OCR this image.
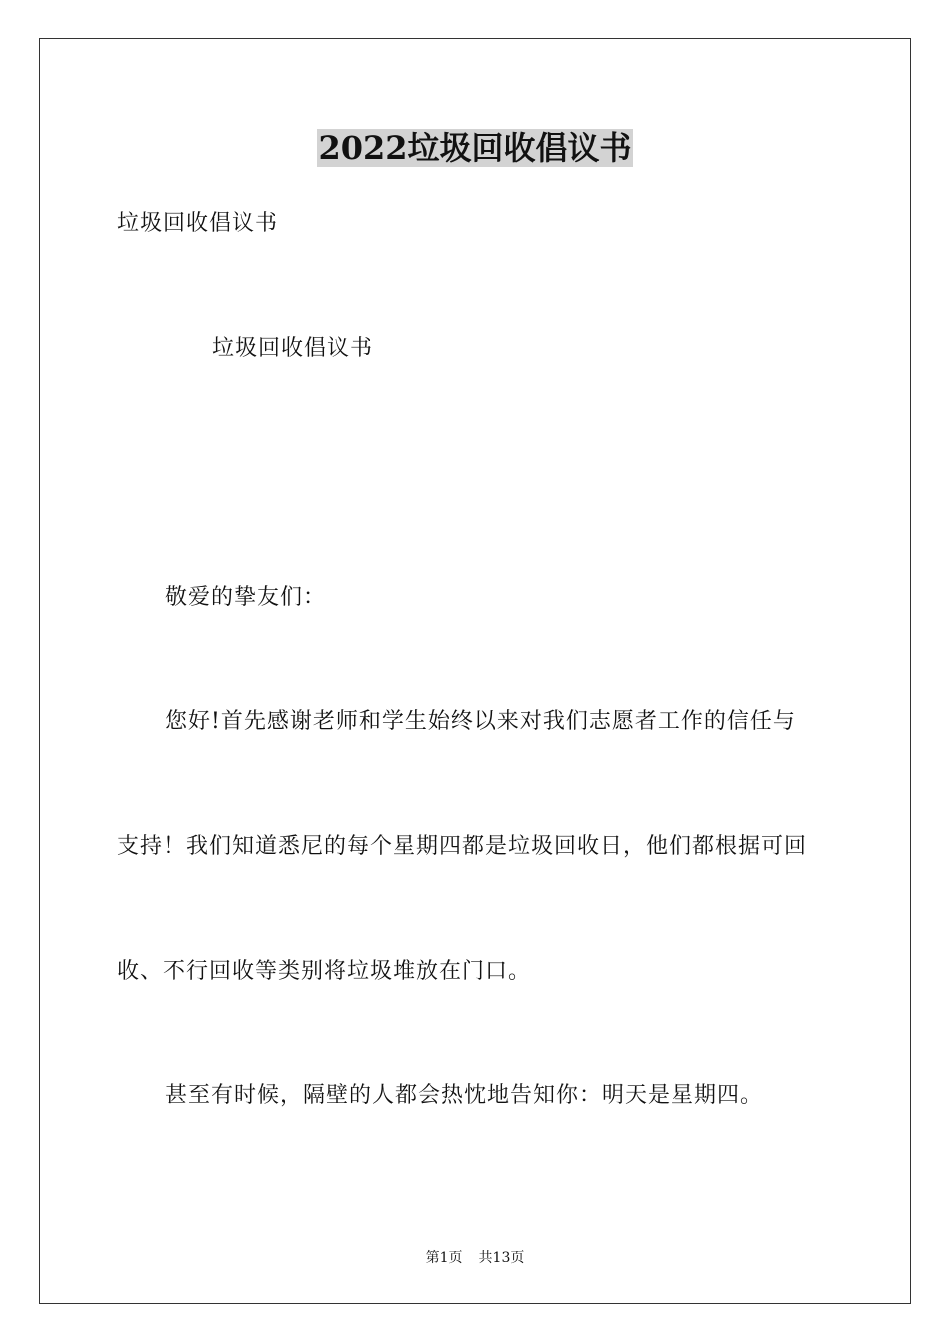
2022垃圾回收倡议书
垃圾回收倡议书
垃圾回收倡议书
敬爱的挚友们：
您好!首先感谢老师和学生始终以来对我们志愿者工作的信任与
支持！我们知道悉尼的每个星期四都是垃圾回收日，他们都根据可回
收、不行回收等类别将垃圾堆放在门口。
甚至有时候，隔壁的人都会热忱地告知你：明天是星期四。
第1页 共13页
